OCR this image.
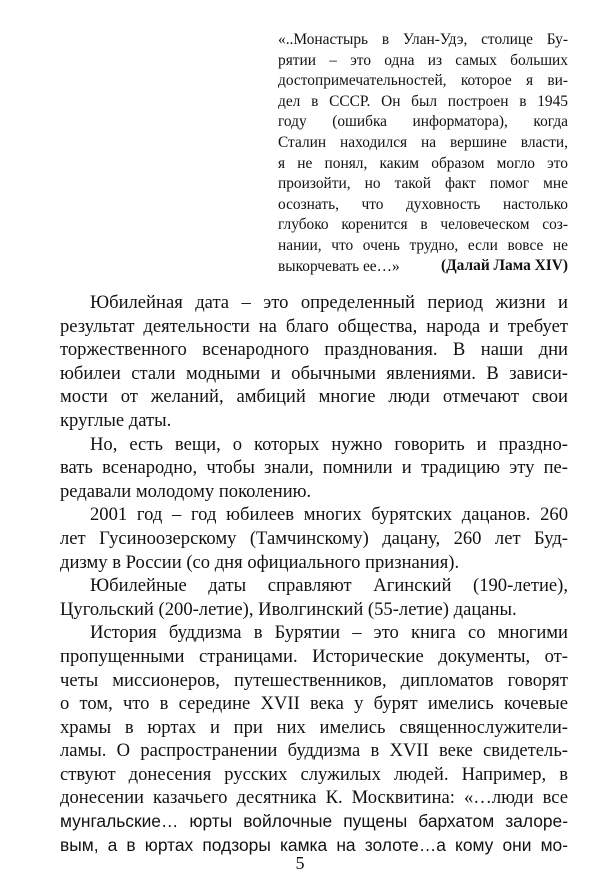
«..Монастырь в Улан-Удэ, столице Бу-
рятии – это одна из самых больших
достопримечательностей, которое я ви-
дел в СССР. Он был построен в 1945
году (ошибка информатора), когда
Сталин находился на вершине власти,
я не понял, каким образом могло это
произойти, но такой факт помог мне
осознать, что духовность настолько
глубоко коренится в человеческом соз-
нании, что очень трудно, если вовсе не
выкорчевать ее…»	(Далай Лама XIV)
Юбилейная дата – это определенный период жизни и
результат деятельности на благо общества, народа и требует
торжественного всенародного празднования. В наши дни
юбилеи стали модными и обычными явлениями. В зависи-
мости от желаний, амбиций многие люди отмечают свои
круглые даты.
Но, есть вещи, о которых нужно говорить и праздно-
вать всенародно, чтобы знали, помнили и традицию эту пе-
редавали молодому поколению.
2001 год – год юбилеев многих бурятских дацанов. 260
лет Гусиноозерскому (Тамчинскому) дацану, 260 лет Буд-
дизму в России (со дня официального признания).
Юбилейные даты справляют Агинский (190-летие),
Цугольский (200-летие), Иволгинский (55-летие) дацаны.
История буддизма в Бурятии – это книга со многими
пропущенными страницами. Исторические документы, от-
четы миссионеров, путешественников, дипломатов говорят
о том, что в середине XVII века у бурят имелись кочевые
храмы в юртах и при них имелись священнослужители-
ламы. О распространении буддизма в XVII веке свидетель-
ствуют донесения русских служилых людей. Например, в
донесении казачьего десятника К. Москвитина: «…люди все
мунгальские… юрты войлочные пущены бархатом залоре-
вым, а в юртах подзоры камка на золоте…а кому они мо-
5
